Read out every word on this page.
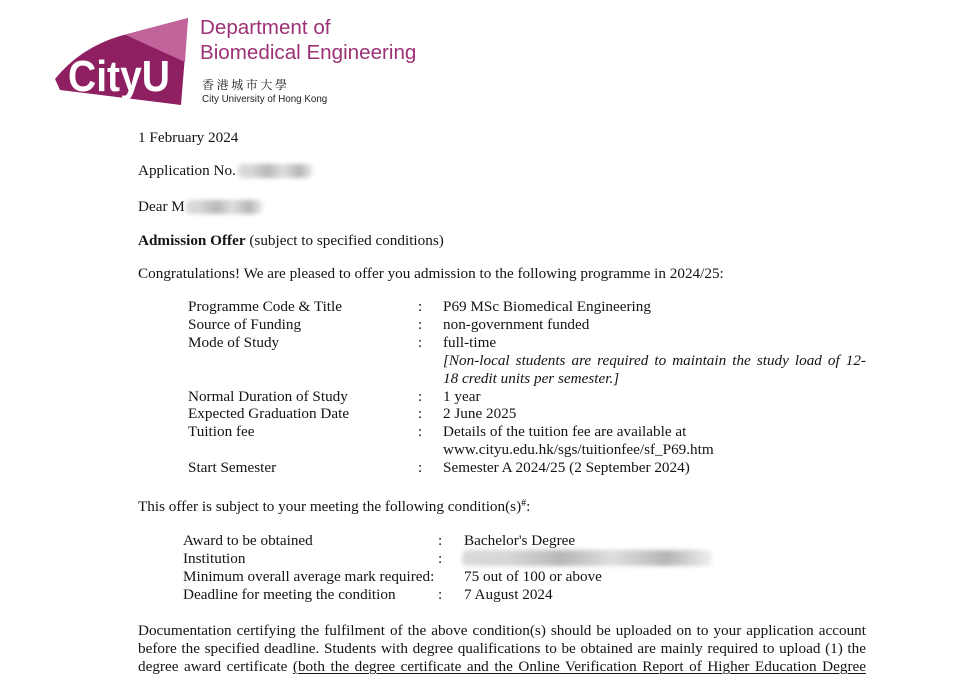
CityU
Department of
Biomedical Engineering
香港城市大學
City University of Hong Kong
1 February 2024
Application No.
Dear M
Admission Offer (subject to specified conditions)
Congratulations! We are pleased to offer you admission to the following programme in 2024/25:
Programme Code & Title	:	P69 MSc Biomedical Engineering
Source of Funding	:	non-government funded
Mode of Study	:	full-time
[Non-local students are required to maintain the study load of 12-
18 credit units per semester.]
Normal Duration of Study	:	1 year
Expected Graduation Date	:	2 June 2025
Tuition fee	:	Details of the tuition fee are available at
www.cityu.edu.hk/sgs/tuitionfee/sf_P69.htm
Start Semester	:	Semester A 2024/25 (2 September 2024)
This offer is subject to your meeting the following condition(s)#:
Award to be obtained	:	Bachelor's Degree
Institution	:
Minimum overall average mark required:	75 out of 100 or above
Deadline for meeting the condition	:	7 August 2024
Documentation certifying the fulfilment of the above condition(s) should be uploaded on to your application account
before the specified deadline. Students with degree qualifications to be obtained are mainly required to upload (1) the
degree award certificate (both the degree certificate and the Online Verification Report of Higher Education Degree
